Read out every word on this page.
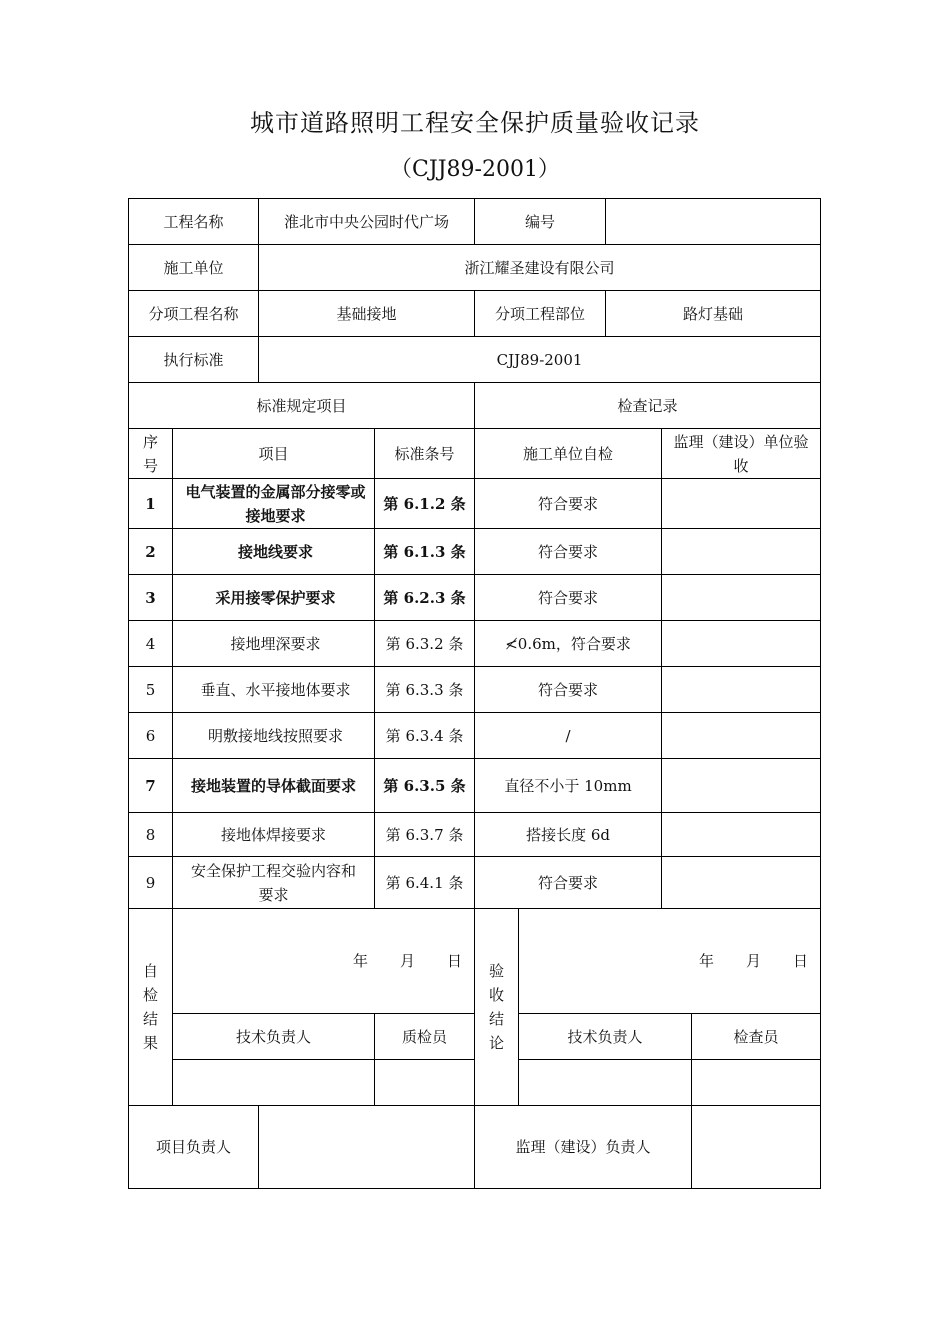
城市道路照明工程安全保护质量验收记录
（CJJ89-2001）
工程名称		淮北市中央公园时代广场		编号				
施工单位		浙江耀圣建设有限公司						
分项工程名称		基础接地		分项工程部位		路灯基础		
执行标准		CJJ89-2001						
标准规定项目				检查记录				
序号	项目		标准条号	施工单位自检			监理（建设）单位验收	
1	电气装置的金属部分接零或接地要求		第 6.1.2 条	符合要求				
2	接地线要求		第 6.1.3 条	符合要求				
3	采用接零保护要求		第 6.2.3 条	符合要求				
4	接地埋深要求		第 6.3.2 条	≮0.6m，符合要求				
5	垂直、水平接地体要求		第 6.3.3 条	符合要求				
6	明敷接地线按照要求		第 6.3.4 条	/				
7	接地装置的导体截面要求		第 6.3.5 条	直径不小于 10mm				
8	接地体焊接要求		第 6.3.7 条	搭接长度 6d				
9	安全保护工程交验内容和要求		第 6.4.1 条	符合要求				

自检结果	年 月 日			验收结论	年 月 日			

	技术负责人		质检员		技术负责人			检查员

项目负责人				监理（建设）负责人				
